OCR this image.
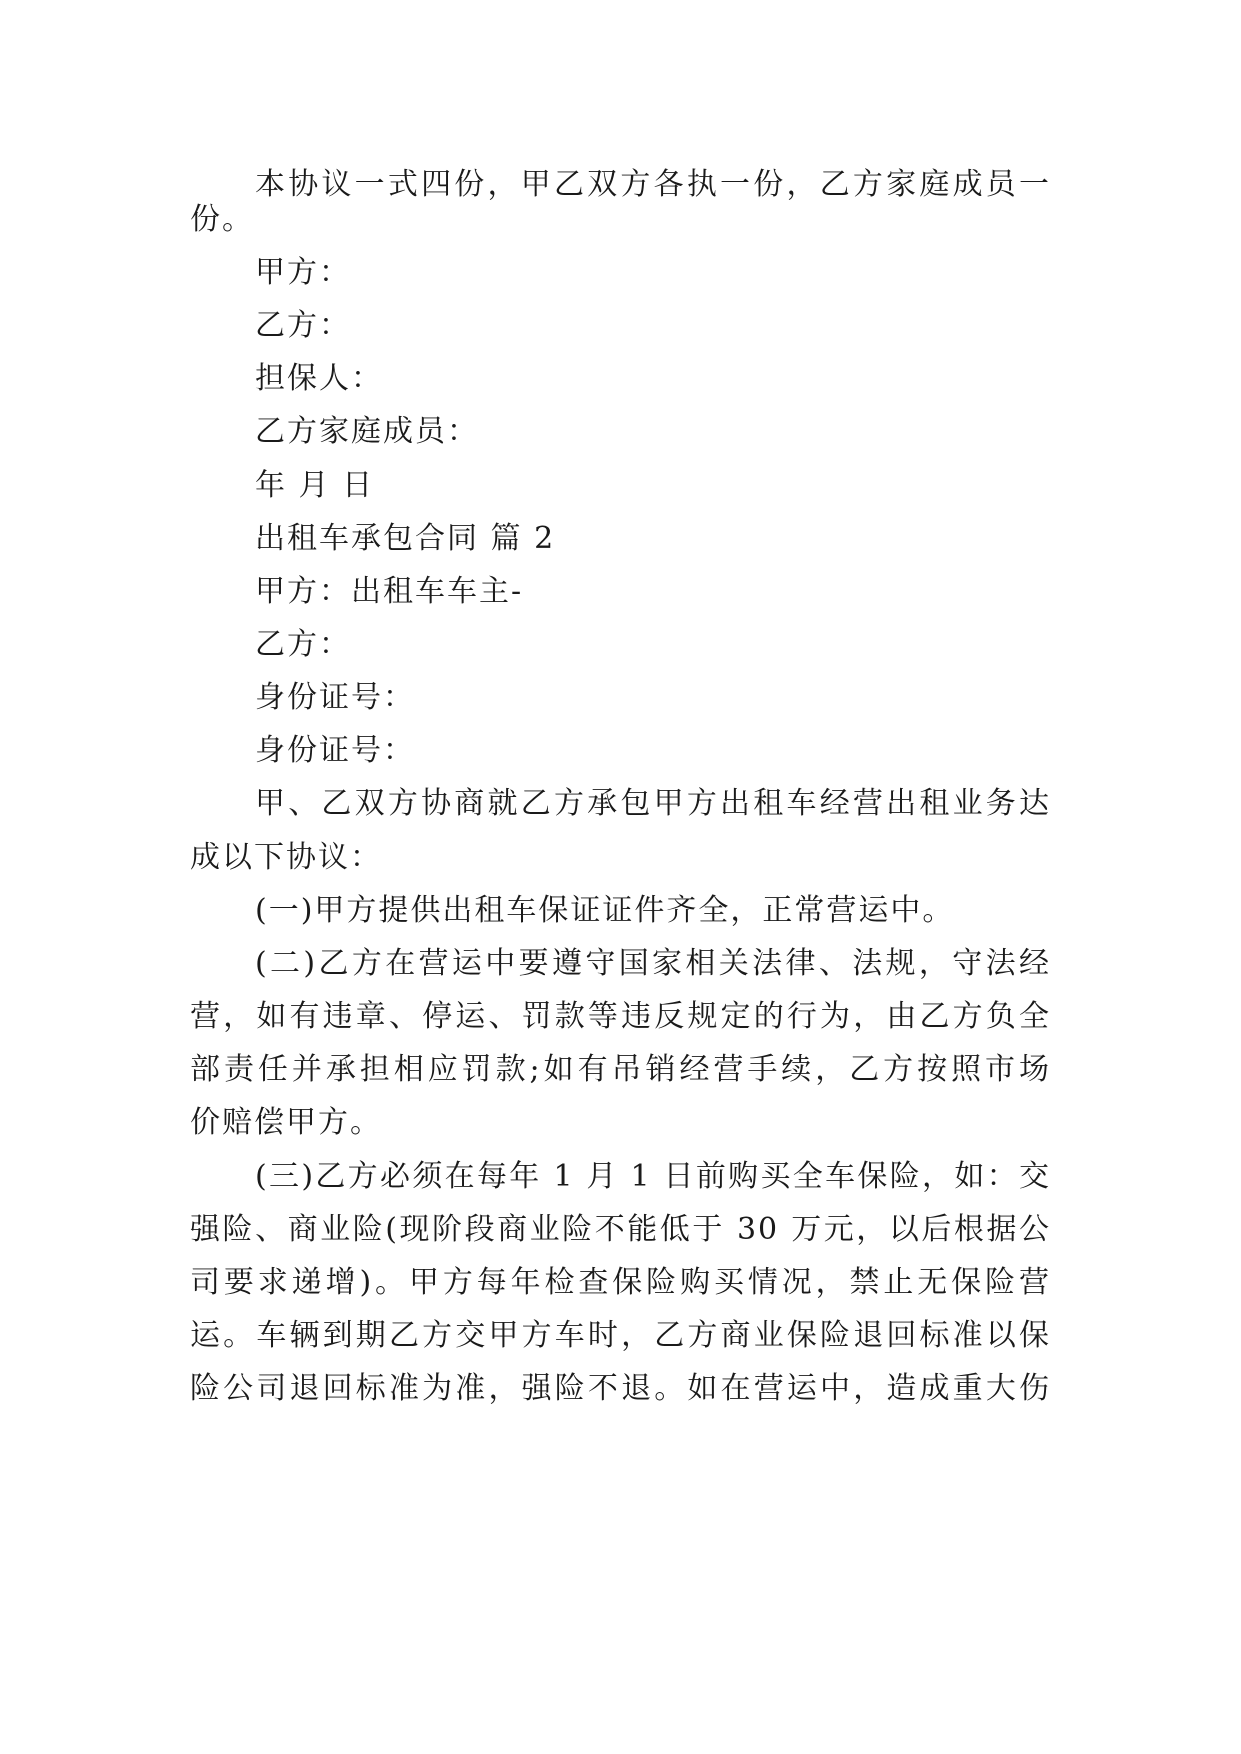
本协议一式四份，甲乙双方各执一份，乙方家庭成员一
份。
甲方：
乙方：
担保人：
乙方家庭成员：
年 月 日
出租车承包合同 篇 2
甲方：出租车车主-
乙方：
身份证号：
身份证号：
甲、乙双方协商就乙方承包甲方出租车经营出租业务达
成以下协议：
(一)甲方提供出租车保证证件齐全，正常营运中。
(二)乙方在营运中要遵守国家相关法律、法规，守法经
营，如有违章、停运、罚款等违反规定的行为，由乙方负全
部责任并承担相应罚款;如有吊销经营手续，乙方按照市场
价赔偿甲方。
(三)乙方必须在每年 1 月 1 日前购买全车保险，如：交
强险、商业险(现阶段商业险不能低于 30 万元，以后根据公
司要求递增)。甲方每年检查保险购买情况，禁止无保险营
运。车辆到期乙方交甲方车时，乙方商业保险退回标准以保
险公司退回标准为准，强险不退。如在营运中，造成重大伤
